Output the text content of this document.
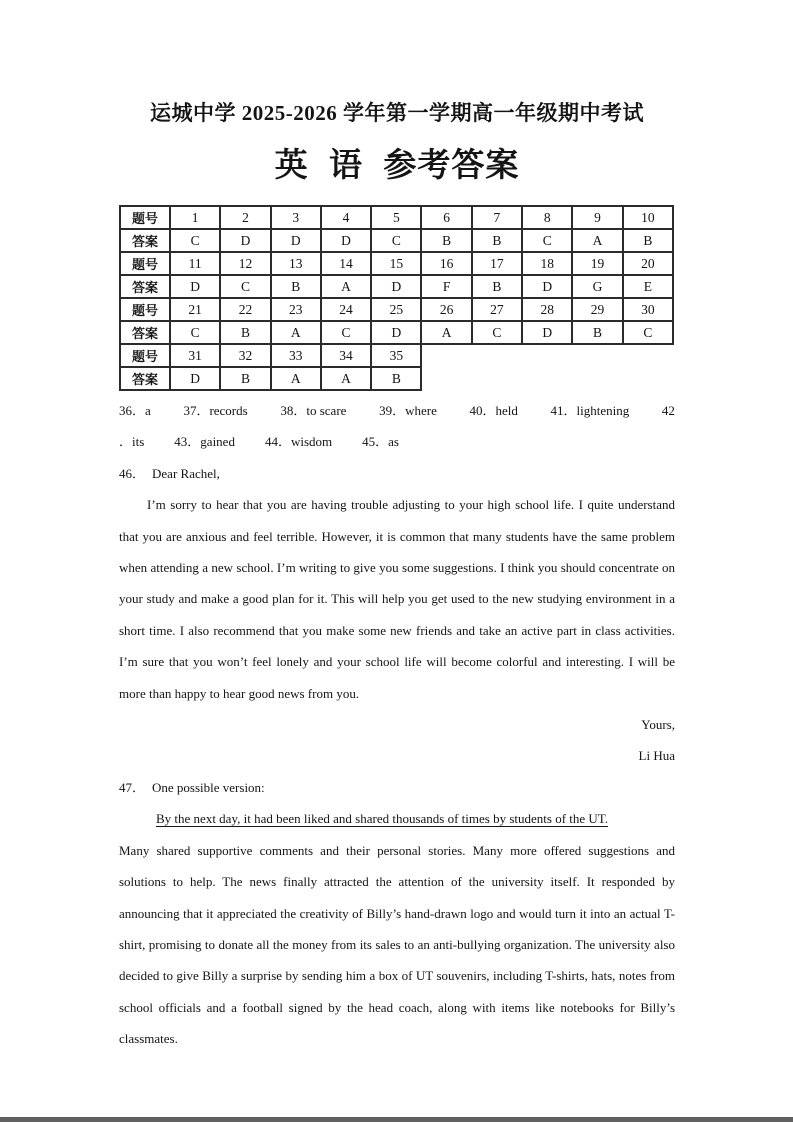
运城中学 2025-2026 学年第一学期高一年级期中考试
英  语  参考答案
题号	1	2	3	4	5	6	7	8	9	10
答案	C	D	D	D	C	B	B	C	A	B
题号	11	12	13	14	15	16	17	18	19	20
答案	D	C	B	A	D	F	B	D	G	E
题号	21	22	23	24	25	26	27	28	29	30
答案	C	B	A	C	D	A	C	D	B	C
题号	31	32	33	34	35					
答案	D	B	A	A	B					
36．a	37．records	38．to scare	39．where	40．held	41．lightening	42
．its 43．gained 44．wisdom 45．as
46． Dear Rachel,

I’m sorry to hear that you are having trouble adjusting to your high school life. I quite understand that you are anxious and feel terrible. However, it is common that many students have the same problem when attending a new school. I’m writing to give you some suggestions. I think you should concentrate on your study and make a good plan for it. This will help you get used to the new studying environment in a short time. I also recommend that you make some new friends and take an active part in class activities. I’m sure that you won’t feel lonely and your school life will become colorful and interesting. I will be more than happy to hear good news from you.

Yours,
Li Hua
47． One possible version:
By the next day, it had been liked and shared thousands of times by students of the UT.

Many shared supportive comments and their personal stories. Many more offered suggestions and solutions to help. The news finally attracted the attention of the university itself. It responded by announcing that it appreciated the creativity of Billy’s hand-drawn logo and would turn it into an actual T-shirt, promising to donate all the money from its sales to an anti-bullying organization. The university also decided to give Billy a surprise by sending him a box of UT souvenirs, including T-shirts, hats, notes from school officials and a football signed by the head coach, along with items like notebooks for Billy’s classmates.
